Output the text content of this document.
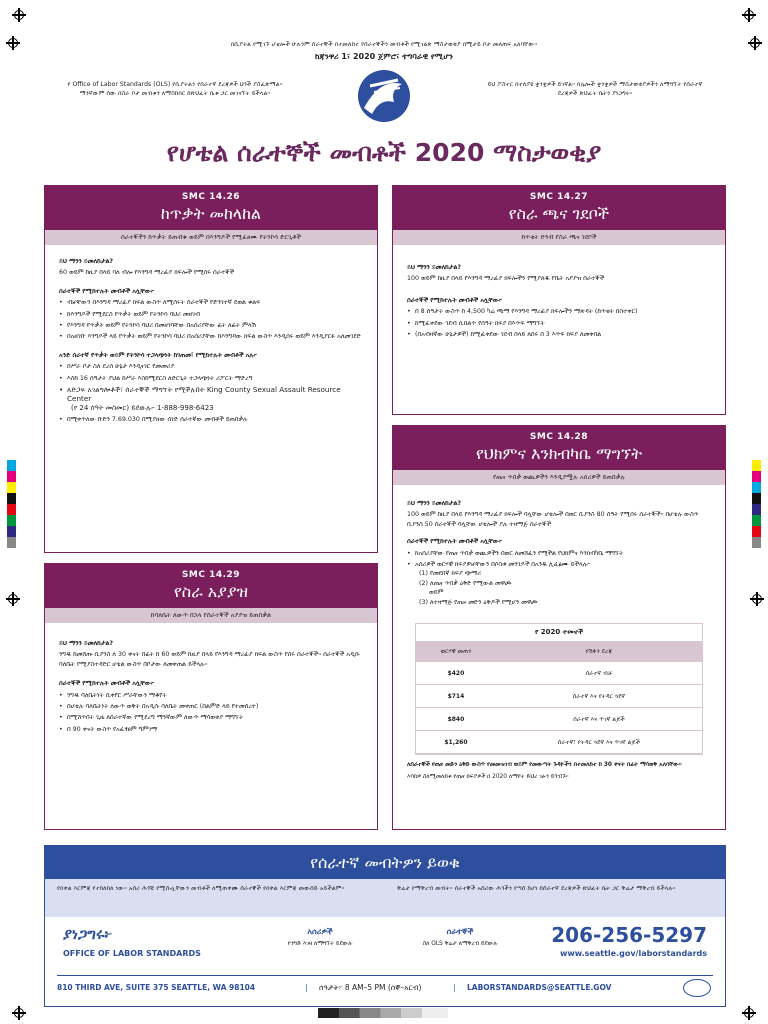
በሲያትል የሚገኙ ሆቴሎች ሁሉንም ሰራተኞች በተመለከተ የሰራተኞችን መብቶች የሚገልጽ ማስታወቂያ በሚታይ ቦታ መለጠፍ አለባቸው።
ከጃንዋሪ 1፣ 2020 ጀምሮ፣ ተግባራዊ የሚሆን
የ Office of Labor Standards (OLS) የሲያትልን የሰራተኛ ደረጃዎች ህጎች ያስፈጽማል። ማንኛውም ሰው በስራ ቦታ መብቱን ለማስከበር ከጽህፈት ቤቱ ጋር መገናኘት ይችላል።
ይህ ፖስተር በተለያዩ ቋንቋዎች ይገኛል። በሌሎች ቋንቋዎች ማስታወቂያዎችን ለማግኘት የሰራተኛ ደረጃዎች ጽህፈት ቤትን ያነጋግሩ።
የሆቴል ሰራተኞች መብቶች 2020 ማስታወቂያ
SMC 14.26
ከጥቃት መከላከል
ሰራተኞችን ከጥቃት ይጠብቁ ወይም በእንግዶች የሚፈፀሙ የትንኮሳ ድርጊቶች
ይህ ማንን ይመለከታል?
60 ወይም ከዚያ በላይ ባለ ብሎ የእንግዳ ማረፊያ ክፍሎች የሚሰሩ ሰራተኞች
ሰራተኞች የሚከተሉት መብቶች አሏቸው፦
• ብቻቸውን በእንግዳ ማረፊያ ክፍል ውስጥ ለሚሰሩት ሰራተኞች የድንገተኛ ደወል ቁልፍ
• ከእንግዶች የሚደርስ የጥቃት ወይም የትንኮሳ ባህሪ መዘገብ
• የእንግዳ የጥቃት ወይም የትንኮሳ ባህሪ በመዘገባቸው በአሰሪያቸው ፊት ለፊት ምላሽ
• በአዘገቡ እንግዶች ላይ የጥቃት ወይም የትንኮሳ ባህሪ በአሰሪያቸው ከእንግዳው ክፍል ውስጥ እንዲሰሩ ወይም እንዲያርፉ አለመገደድ
አንድ ሰራተኛ የጥቃት ወይም የትንኮሳ ተጋላጭነት ከገጠመ፣ የሚከተሉት መብቶች አሉ፦
• በሥራ ቦታ ስለ ደረሰ ሁኔታ እንዲናገር የመመሪያ
• እስከ 16 ሰዓታት ያህል ከሥራ እስከሚደርስ ለድርጊት ተጋላጭነት ሪፖርት ማድረግ
• ለድጋፍ አገልግሎቶች፣ ሰራተኞች ማግኘት የሚችሉበት King County Sexual Assault Resource Center
(የ 24 ሰዓት መስመር) ይደውሉ፦ 1-888-998-6423
• በሚቀጥለው ቡድን 7.69.030 በሚያዘው ሰነድ ሰራተኛው መብቶች ይጠበቃሉ
SMC 14.27
የስራ ጫና ገደቦች
ከጥቂት ድንብ የስራ ጫና ገደቦች
ይህ ማንን ይመለከታል?
100 ወይም ከዚያ በላይ የእንግዳ ማረፊያ ክፍሎችን የሚያጸዱ የቤት አያያዝ ሰራተኞች
ሰራተኞች የሚከተሉት መብቶች አሏቸው፦
• በ 8 ሰዓታት ውስጥ ከ 4,500 ካሬ ጫማ የእንግዳ ማረፊያ ክፍሎችን ማጽዳት (ከጥቂት በስተቀር)
• ከሚፈቀደው ገደብ ሲበልጥ የሰዓት ክፍያ በእጥፍ ማግኘት
• (በአብዛኛው ሁኔታዎች) ከሚፈቀደው ገደብ በላይ ለሰሩ በ 3 እጥፍ ክፍያ ለመቀበል
SMC 14.28
የህክምና እንክብካቤ ማግኘት
የጤና ጥበቃ ወጪዎችን እንዲያሟሉ አሰሪዎች ይጠበቃሉ
ይህ ማንን ይመለከታል?
100 ወይም ከዚያ በላይ የእንግዳ ማረፊያ ክፍሎች ባሏቸው ሆቴሎች በወር ቢያንስ 80 ሰዓት የሚሰሩ ሰራተኞች። በሆቴሉ ውስጥ ቢያንስ 50 ሰራተኞች ባሏቸው ሆቴሎች ያሉ ተዛማጅ ሰራተኞች
ሰራተኞች የሚከተሉት መብቶች አሏቸው፦
• ከአሰሪያቸው የጤና ጥበቃ ወጪዎችን በወር ለመሸፈን የሚችል የህክምና እንክብካቤ ማግኘት
• አሰሪዎች ወርሃዊ ክፍያዎቻቸውን በሶስቱ መንገዶች በአንዱ ሊፈፅሙ ይችላሉ፦
(1) የመደበኛ ክፍያ ጭማሪ
(2) ለጤና ጥበቃ ዕቅድ የሚውል መዋጮ
ወይም
(3) ለተዛማጅ የጤና መድን ዕቅዶች የሚሆን መዋጮ
የ 2020 ተመኖች
ወርሃዊ መጠን	የሽፋን ደረጃ
$420	ሰራተኛ ብቻ
$714	ሰራተኛ እና የትዳር ጓደኛ
$840	ሰራተኛ እና ጥገኛ ልጆች
$1,260	ሰራተኛ፣ የትዳር ጓደኛ እና ጥገኛ ልጆች
ለሰራተኞች የጤና መድን ዕቅድ ውስጥ የመመዝገብ ወይም የመውጣት ጉዳዮችን በተመለከተ ከ 30 ቀናት በፊት ማሳወቅ አለባቸው።
እባክዎ ስለሚመለከቱ የጤና ክፍያዎች በ 2020 ለማየት ድህረ ገፁን ይጎብኙ።
SMC 14.29
የስራ አያያዝ
ከባለቤት ለውጥ በኋላ የሰራተኞች አያያዝ ይጠበቃል
ይህ ማንን ይመለከታል?
ንግዱ ከመሸጡ ቢያንስ ለ 30 ቀናት በፊት ከ 60 ወይም ከዚያ በላይ የእንግዳ ማረፊያ ክፍል ውስጥ የሰሩ ሰራተኞች። ሰራተኞች አዲሱ ባለቤት የሚያስተዳድር ሆቴል ውስጥ በቦታው ለመቀጠል ይችላሉ።
ሰራተኞች የሚከተሉት መብቶች አሏቸው፦
• ንግዱ ባለቤትነት ሲቀየር ሥራቸውን ማቆየት
• በሆቴሉ ባለቤትነት ለውጥ ወቅት በአዲሱ ባለቤት መቀጠር (በልምድ ላይ የተመሰረተ)
• በሚሸጥበት ጊዜ ለሰራተኛው የሚደረግ ማንኛውም ለውጥ ማሳወቂያ ማግኘት
• በ 90 ቀናት ውስጥ የአፈፃፀም ግምገማ
የሰራተኛ መብትዎን ይወቁ
የበቀል እርምጃ የተከለከለ ነው። አሰሪ ሕጎቹ የሚሰጧቸውን መብቶች ለሚጠቀሙ ሰራተኞች የበቀል እርምጃ መውሰድ አይችልም።	ቅሬታ የማቅረብ መብት። ሰራተኞች አሰሪው ሕጎችን የጣሰ ከሆነ ከሰራተኛ ደረጃዎች ጽህፈት ቤት ጋር ቅሬታ ማቅረብ ይችላሉ።
ያነጋግሩ፦
OFFICE OF LABOR STANDARDS
አሰሪዎች
የንግድ እገዛ ለማግኘት ይደውሉ
ሰራተኞች
ስለ OLS ቅሬታ ለማቅረብ ይደውሉ	206-256-5297
www.seattle.gov/laborstandards
810 THIRD AVE, SUITE 375 SEATTLE, WA 98104	| ሰዓታት፦ 8 AM–5 PM (ሰኞ–አርብ)	| LABORSTANDARDS@SEATTLE.GOV
